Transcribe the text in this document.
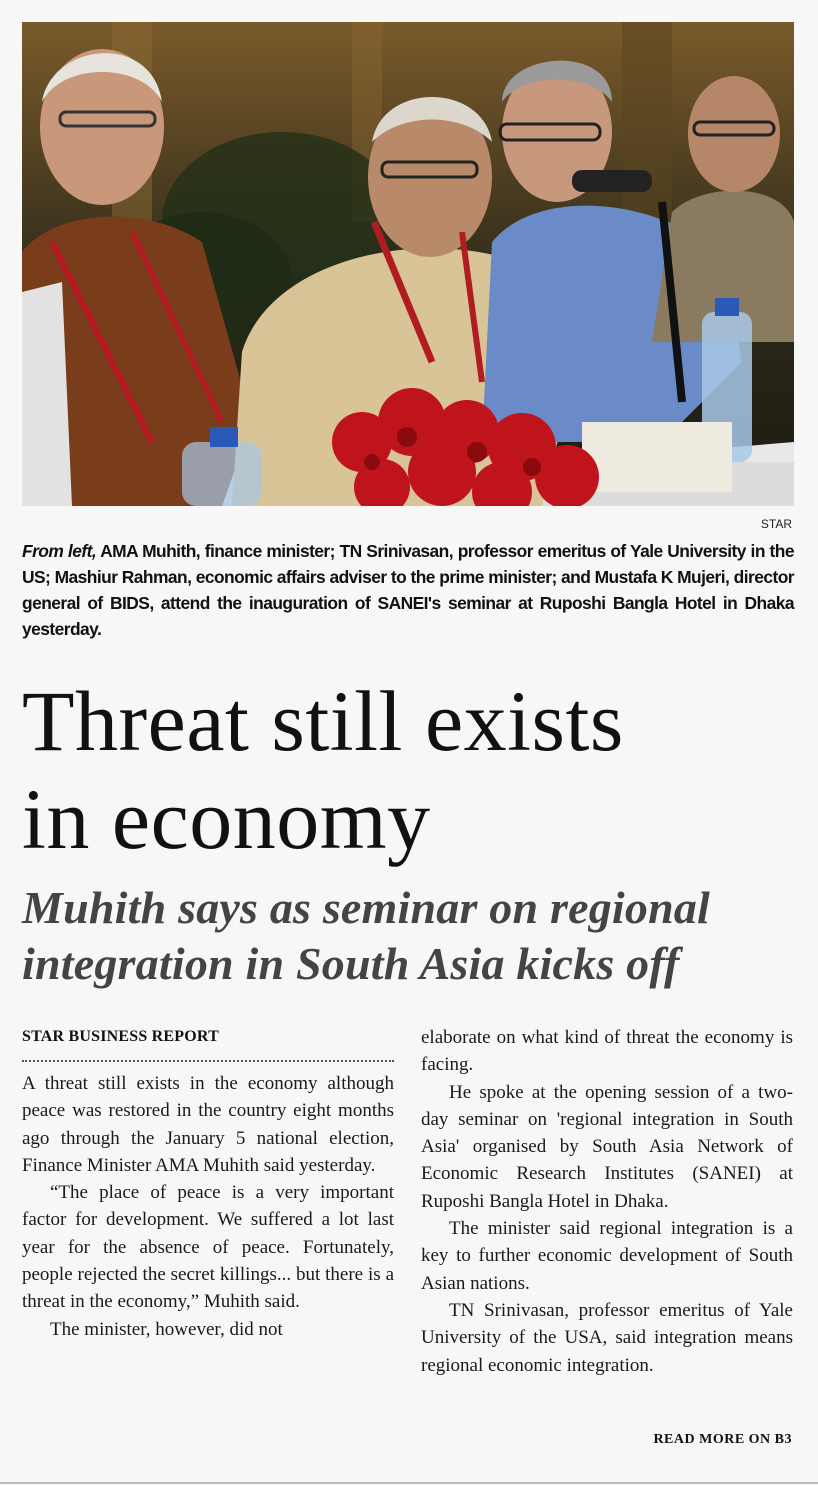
STAR
From left, AMA Muhith, finance minister; TN Srinivasan, professor emeritus of Yale University in the US; Mashiur Rahman, economic affairs adviser to the prime minister; and Mustafa K Mujeri, director general of BIDS, attend the inauguration of SANEI's seminar at Ruposhi Bangla Hotel in Dhaka yesterday.
Threat still exists
in economy
Muhith says as seminar on regional
integration in South Asia kicks off
STAR BUSINESS REPORT

A threat still exists in the economy although peace was restored in the country eight months ago through the January 5 national election, Finance Minister AMA Muhith said yesterday.

“The place of peace is a very important factor for development. We suffered a lot last year for the absence of peace. Fortunately, people rejected the secret killings... but there is a threat in the economy,” Muhith said.

The minister, however, did not

elaborate on what kind of threat the economy is facing.

He spoke at the opening session of a two-day seminar on 'regional integration in South Asia' organised by South Asia Network of Economic Research Institutes (SANEI) at Ruposhi Bangla Hotel in Dhaka.

The minister said regional integration is a key to further economic development of South Asian nations.

TN Srinivasan, professor emeritus of Yale University of the USA, said integration means regional economic integration.

READ MORE ON B3
